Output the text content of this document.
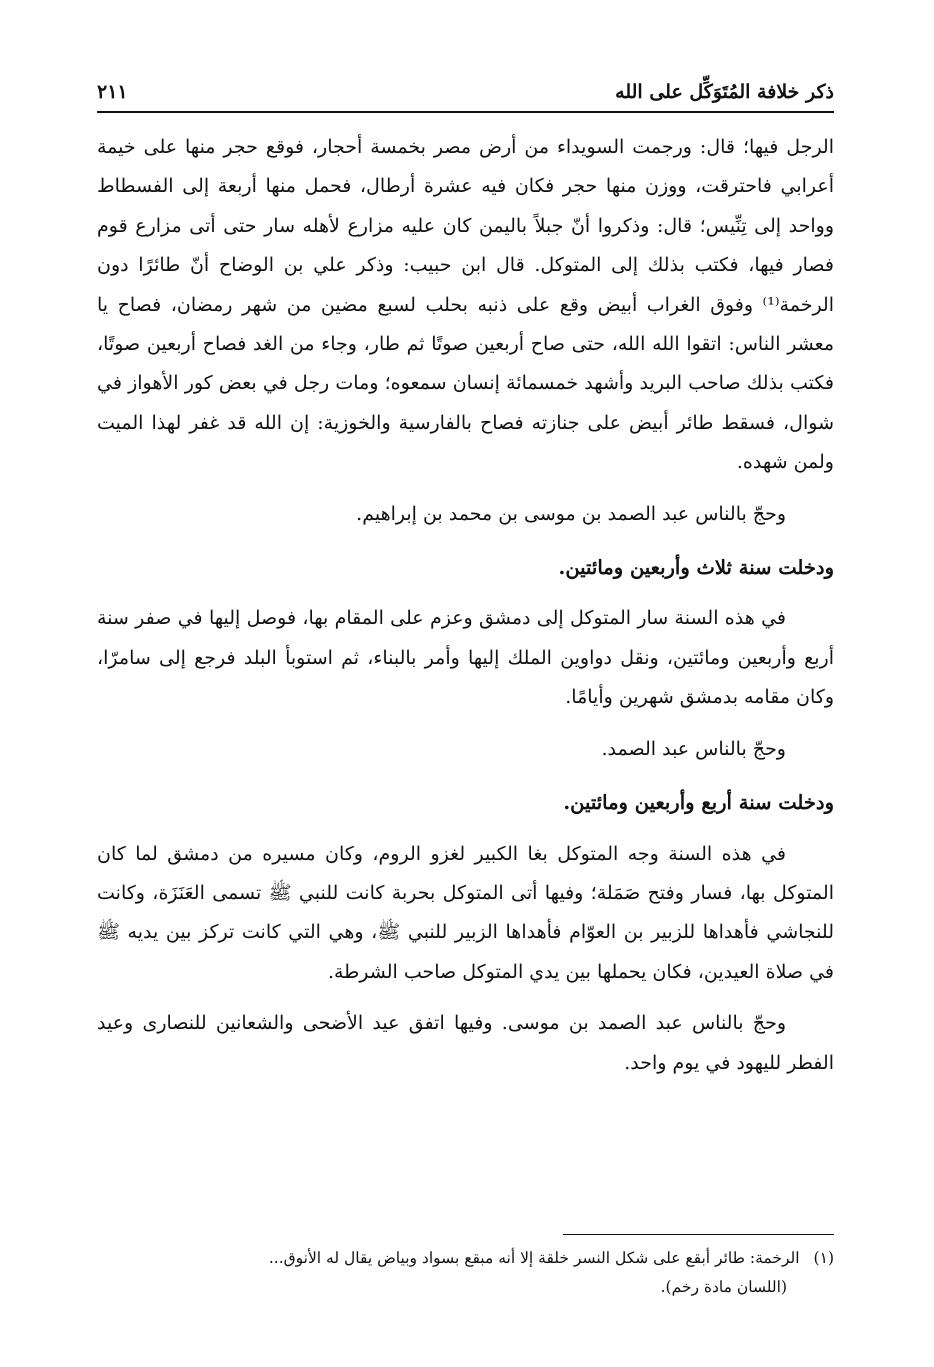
ذكر خلافة المُتَوَكِّل على الله
٢١١

الرجل فيها؛ قال: ورجمت السويداء من أرض مصر بخمسة أحجار، فوقع حجر منها على خيمة أعرابي فاحترقت، ووزن منها حجر فكان فيه عشرة أرطال، فحمل منها أربعة إلى الفسطاط وواحد إلى تِنِّيس؛ قال: وذكروا أنّ جبلاً باليمن كان عليه مزارع لأهله سار حتى أتى مزارع قوم فصار فيها، فكتب بذلك إلى المتوكل. قال ابن حبيب: وذكر علي بن الوضاح أنّ طائرًا دون الرخمة⁽¹⁾ وفوق الغراب أبيض وقع على ذنبه بحلب لسبع مضين من شهر رمضان، فصاح يا معشر الناس: اتقوا الله الله، حتى صاح أربعين صوتًا ثم طار، وجاء من الغد فصاح أربعين صوتًا، فكتب بذلك صاحب البريد وأشهد خمسمائة إنسان سمعوه؛ ومات رجل في بعض كور الأهواز في شوال، فسقط طائر أبيض على جنازته فصاح بالفارسية والخوزية: إن الله قد غفر لهذا الميت ولمن شهده.

وحجّ بالناس عبد الصمد بن موسى بن محمد بن إبراهيم.

ودخلت سنة ثلاث وأربعين ومائتين.

في هذه السنة سار المتوكل إلى دمشق وعزم على المقام بها، فوصل إليها في صفر سنة أربع وأربعين ومائتين، ونقل دواوين الملك إليها وأمر بالبناء، ثم استوبأ البلد فرجع إلى سامرّا، وكان مقامه بدمشق شهرين وأيامًا.

وحجّ بالناس عبد الصمد.

ودخلت سنة أربع وأربعين ومائتين.

في هذه السنة وجه المتوكل بغا الكبير لغزو الروم، وكان مسيره من دمشق لما كان المتوكل بها، فسار وفتح صَمَلة؛ وفيها أتى المتوكل بحربة كانت للنبي ﷺ تسمى العَنَزَة، وكانت للنجاشي فأهداها للزبير بن العوّام فأهداها الزبير للنبي ﷺ، وهي التي كانت تركز بين يديه ﷺ في صلاة العيدين، فكان يحملها بين يدي المتوكل صاحب الشرطة.

وحجّ بالناس عبد الصمد بن موسى. وفيها اتفق عيد الأضحى والشعانين للنصارى وعيد الفطر لليهود في يوم واحد.

(١)الرخمة: طائر أبقع على شكل النسر خلقة إلا أنه مبقع بسواد وبياض يقال له الأنوق...

(اللسان مادة رخم).
